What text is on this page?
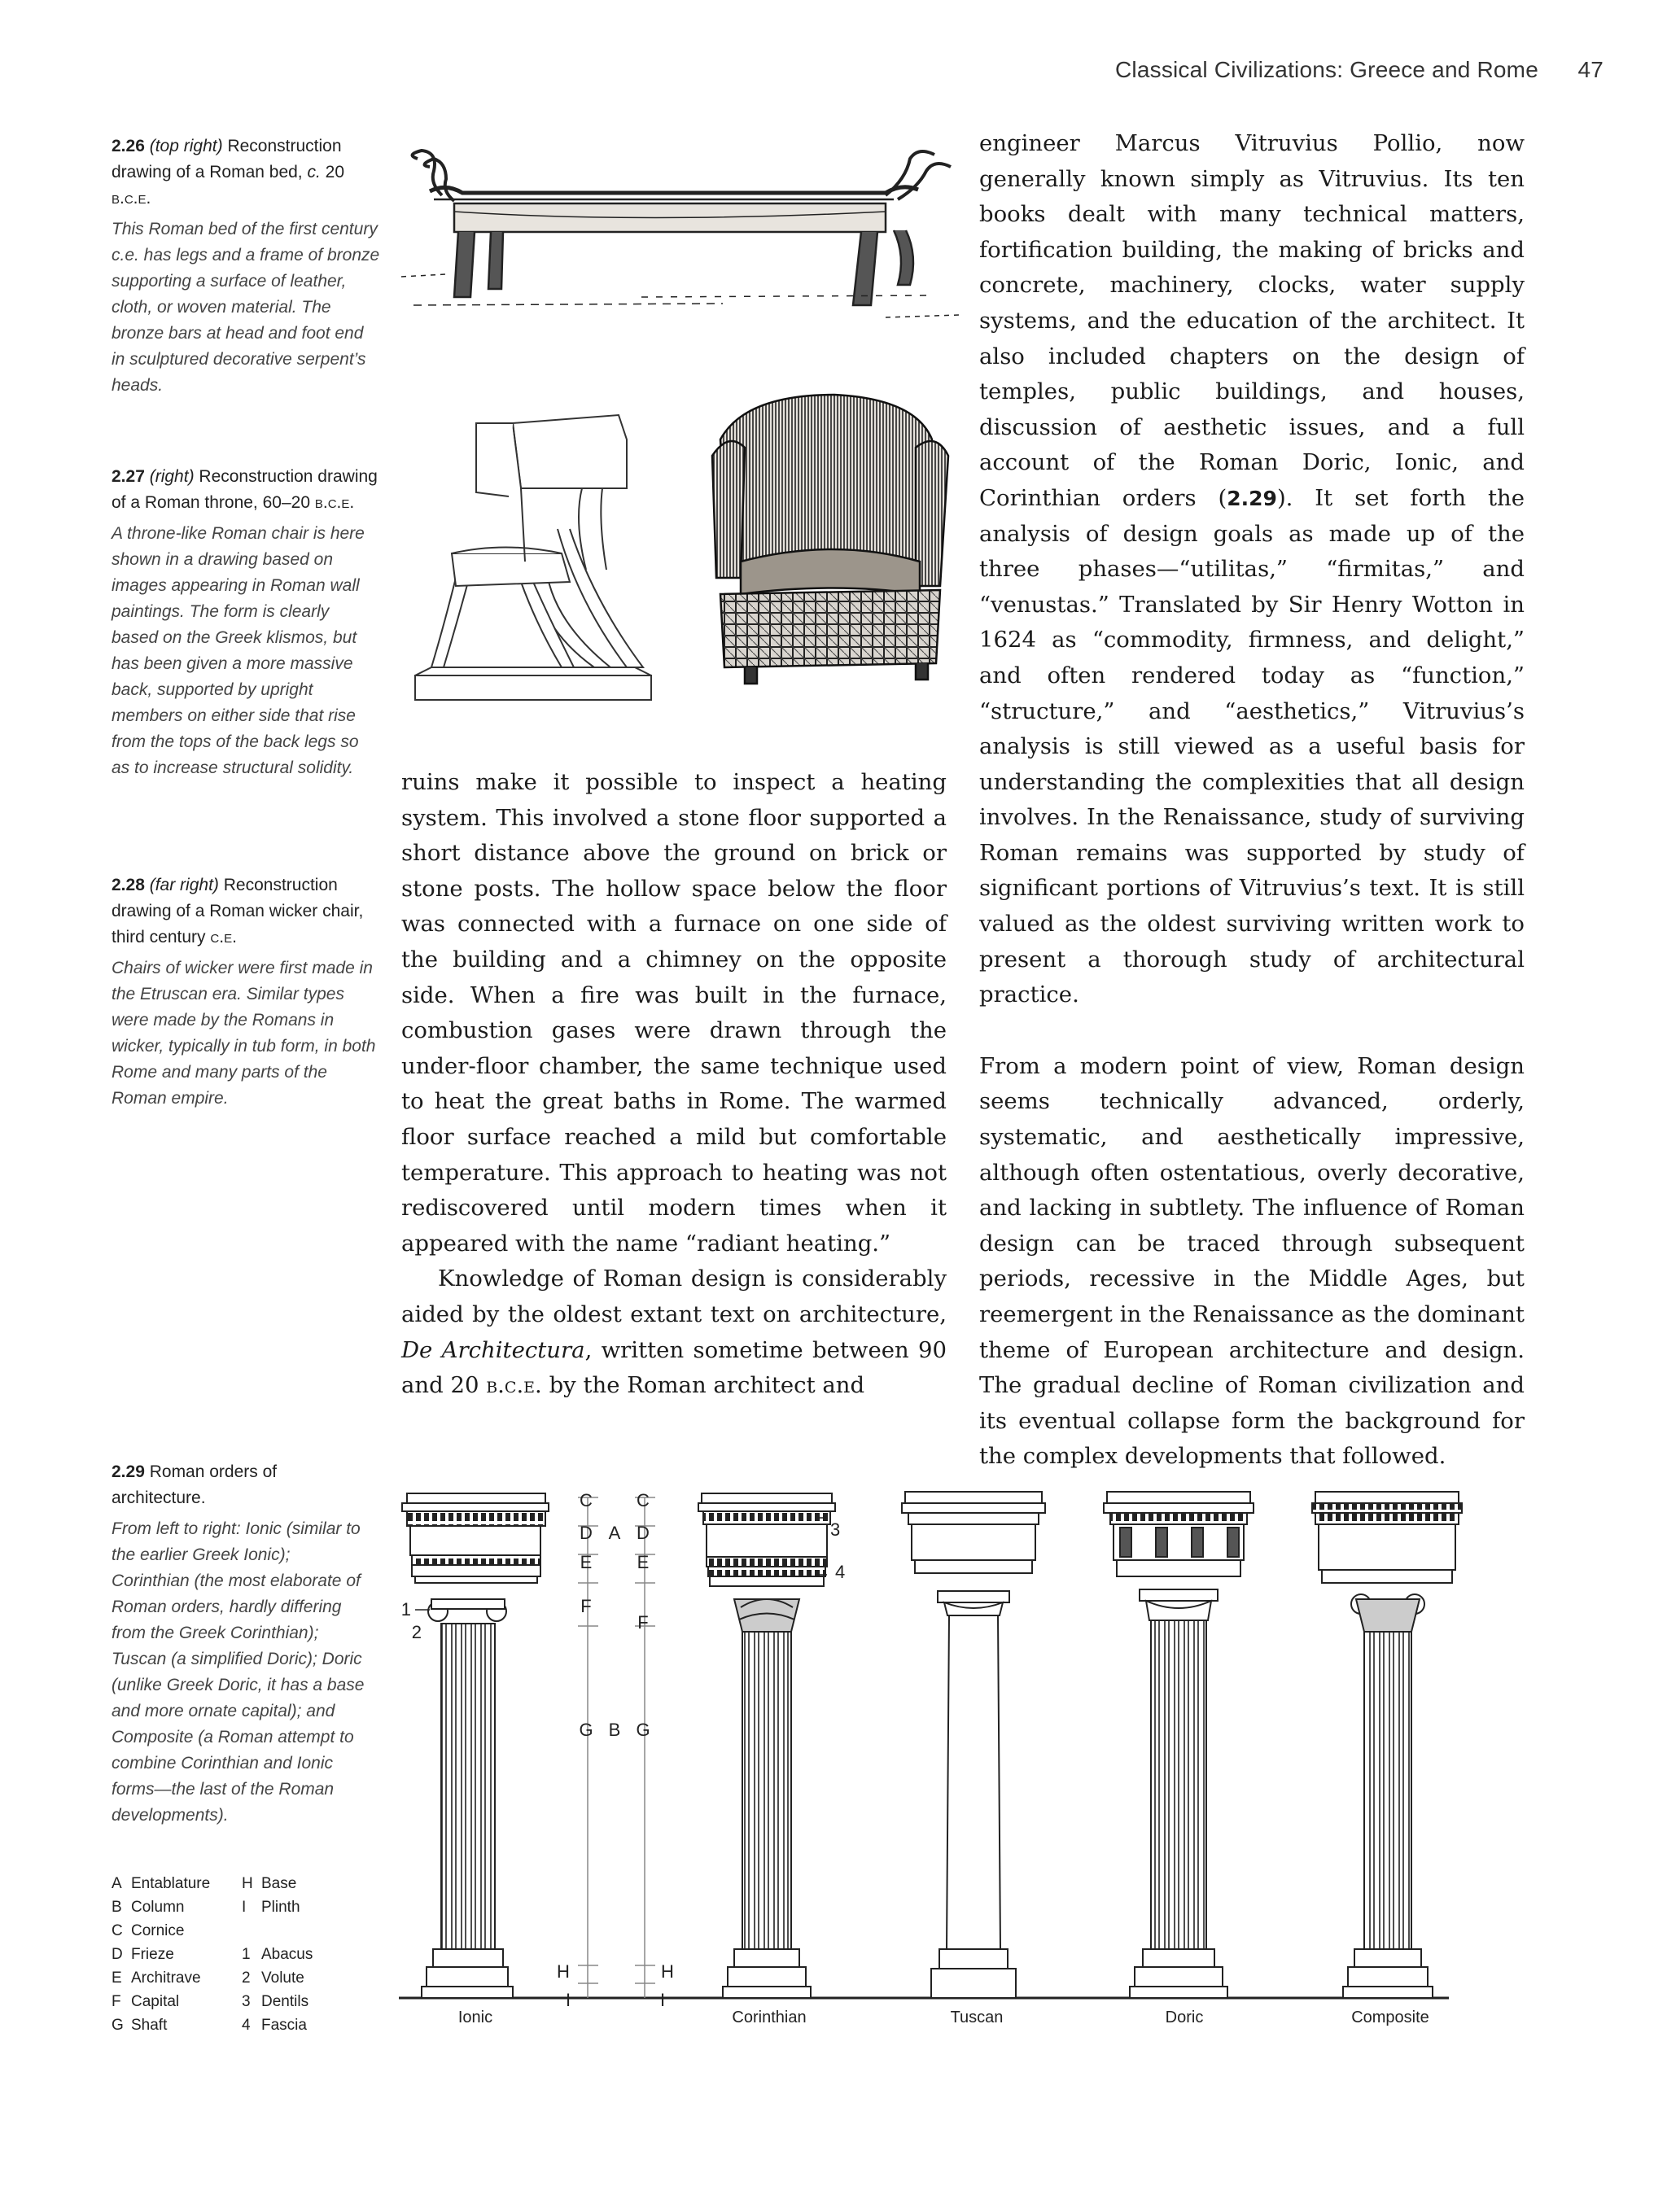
Classical Civilizations: Greece and Rome 47
2.26 (top right) Reconstruction drawing of a Roman bed, c. 20 b.c.e.
This Roman bed of the first century c.e. has legs and a frame of bronze supporting a surface of leather, cloth, or woven material. The bronze bars at head and foot end in sculptured decorative serpent’s heads.
2.27 (right) Reconstruction drawing of a Roman throne, 60–20 b.c.e.
A throne-like Roman chair is here shown in a drawing based on images appearing in Roman wall paintings. The form is clearly based on the Greek klismos, but has been given a more massive back, supported by upright members on either side that rise from the tops of the back legs so as to increase structural solidity.
2.28 (far right) Reconstruction drawing of a Roman wicker chair, third century c.e.
Chairs of wicker were first made in the Etruscan era. Similar types were made by the Romans in wicker, typically in tub form, in both Rome and many parts of the Roman empire.
2.29 Roman orders of architecture.
From left to right: Ionic (similar to the earlier Greek Ionic); Corinthian (the most elaborate of Roman orders, hardly differing from the Greek Corinthian); Tuscan (a simplified Doric); Doric (unlike Greek Doric, it has a base and more ornate capital); and Composite (a Roman attempt to combine Corinthian and Ionic forms—the last of the Roman developments).
A Entablature	H Base
B Column	I Plinth
C Cornice
D Frieze	1 Abacus
E Architrave	2 Volute
F Capital	3 Dentils
G Shaft	4 Fascia

ruins make it possible to inspect a heating system. This involved a stone floor supported a short distance above the ground on brick or stone posts. The hollow space below the floor was connected with a furnace on one side of the building and a chimney on the opposite side. When a fire was built in the furnace, combustion gases were drawn through the under-floor chamber, the same technique used to heat the great baths in Rome. The warmed floor surface reached a mild but comfortable temperature. This approach to heating was not rediscovered until modern times when it appeared with the name “radiant heating.”

Knowledge of Roman design is considerably aided by the oldest extant text on architecture, De Architectura, written sometime between 90 and 20 b.c.e. by the Roman architect and

engineer Marcus Vitruvius Pollio, now generally known simply as Vitruvius. Its ten books dealt with many technical matters, fortification building, the making of bricks and concrete, machinery, clocks, water supply systems, and the education of the architect. It also included chapters on the design of temples, public buildings, and houses, discussion of aesthetic issues, and a full account of the Roman Doric, Ionic, and Corinthian orders (2.29). It set forth the analysis of design goals as made up of the three phases—“utilitas,” “firmitas,” and “venustas.” Translated by Sir Henry Wotton in 1624 as “commodity, firmness, and delight,” and often rendered today as “function,” “structure,” and “aesthetics,” Vitruvius’s analysis is still viewed as a useful basis for understanding the complexities that all design involves. In the Renaissance, study of surviving Roman remains was supported by study of significant portions of Vitruvius’s text. It is still valued as the oldest surviving written work to present a thorough study of architectural practice.

From a modern point of view, Roman design seems technically advanced, orderly, systematic, and aesthetically impressive, although often ostentatious, overly decorative, and lacking in subtlety. The influence of Roman design can be traced through subsequent periods, recessive in the Middle Ages, but reemergent in the Renaissance as the dominant theme of European architecture and design. The gradual decline of Roman civilization and its eventual collapse form the background for the complex developments that followed.

C C
D A D
E	E
F
F
G B G
H	H
I	I
1
2
3
4
Ionic	Corinthian	Tuscan	Doric	Composite
